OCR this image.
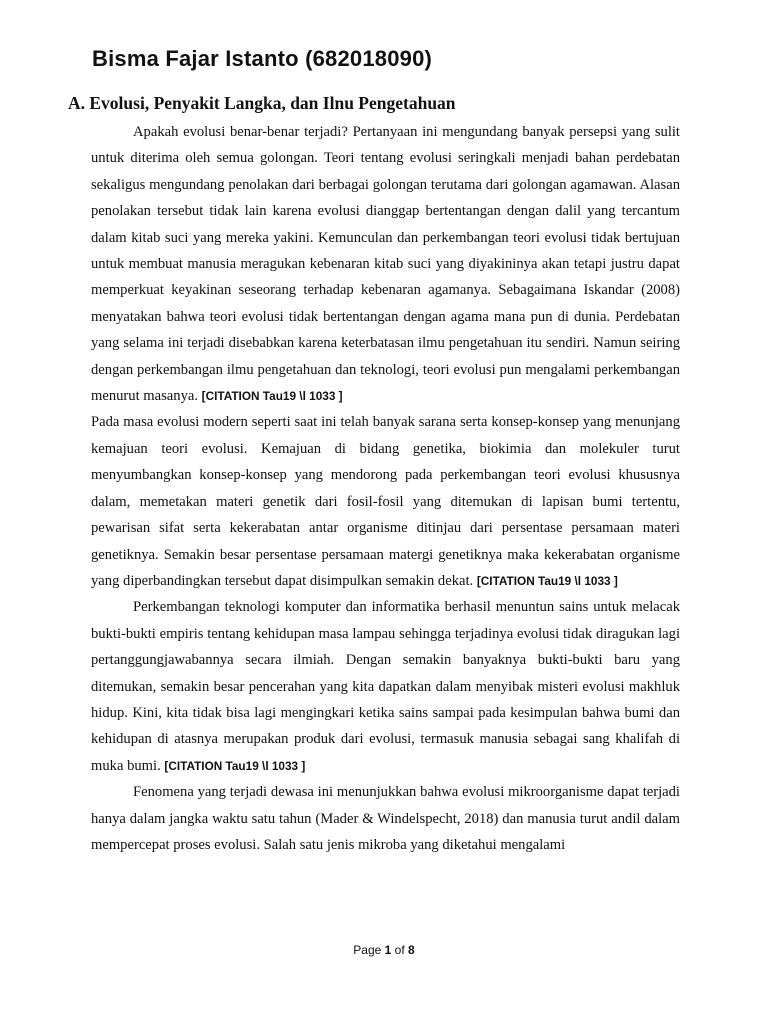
Bisma Fajar Istanto (682018090)
A. Evolusi, Penyakit Langka, dan Ilnu Pengetahuan

Apakah evolusi benar-benar terjadi? Pertanyaan ini mengundang banyak persepsi yang sulit untuk diterima oleh semua golongan. Teori tentang evolusi seringkali menjadi bahan perdebatan sekaligus mengundang penolakan dari berbagai golongan terutama dari golongan agamawan. Alasan penolakan tersebut tidak lain karena evolusi dianggap bertentangan dengan dalil yang tercantum dalam kitab suci yang mereka yakini. Kemunculan dan perkembangan teori evolusi tidak bertujuan untuk membuat manusia meragukan kebenaran kitab suci yang diyakininya akan tetapi justru dapat memperkuat keyakinan seseorang terhadap kebenaran agamanya. Sebagaimana Iskandar (2008) menyatakan bahwa teori evolusi tidak bertentangan dengan agama mana pun di dunia. Perdebatan yang selama ini terjadi disebabkan karena keterbatasan ilmu pengetahuan itu sendiri. Namun seiring dengan perkembangan ilmu pengetahuan dan teknologi, teori evolusi pun mengalami perkembangan menurut masanya. [CITATION Tau19 \l 1033 ]

Pada masa evolusi modern seperti saat ini telah banyak sarana serta konsep-konsep yang menunjang kemajuan teori evolusi. Kemajuan di bidang genetika, biokimia dan molekuler turut menyumbangkan konsep-konsep yang mendorong pada perkembangan teori evolusi khususnya dalam, memetakan materi genetik dari fosil-fosil yang ditemukan di lapisan bumi tertentu, pewarisan sifat serta kekerabatan antar organisme ditinjau dari persentase persamaan materi genetiknya. Semakin besar persentase persamaan matergi genetiknya maka kekerabatan organisme yang diperbandingkan tersebut dapat disimpulkan semakin dekat. [CITATION Tau19 \l 1033 ]

Perkembangan teknologi komputer dan informatika berhasil menuntun sains untuk melacak bukti-bukti empiris tentang kehidupan masa lampau sehingga terjadinya evolusi tidak diragukan lagi pertanggungjawabannya secara ilmiah. Dengan semakin banyaknya bukti-bukti baru yang ditemukan, semakin besar pencerahan yang kita dapatkan dalam menyibak misteri evolusi makhluk hidup. Kini, kita tidak bisa lagi mengingkari ketika sains sampai pada kesimpulan bahwa bumi dan kehidupan di atasnya merupakan produk dari evolusi, termasuk manusia sebagai sang khalifah di muka bumi. [CITATION Tau19 \l 1033 ]

Fenomena yang terjadi dewasa ini menunjukkan bahwa evolusi mikroorganisme dapat terjadi hanya dalam jangka waktu satu tahun (Mader & Windelspecht, 2018) dan manusia turut andil dalam mempercepat proses evolusi. Salah satu jenis mikroba yang diketahui mengalami

Page 1 of 8
